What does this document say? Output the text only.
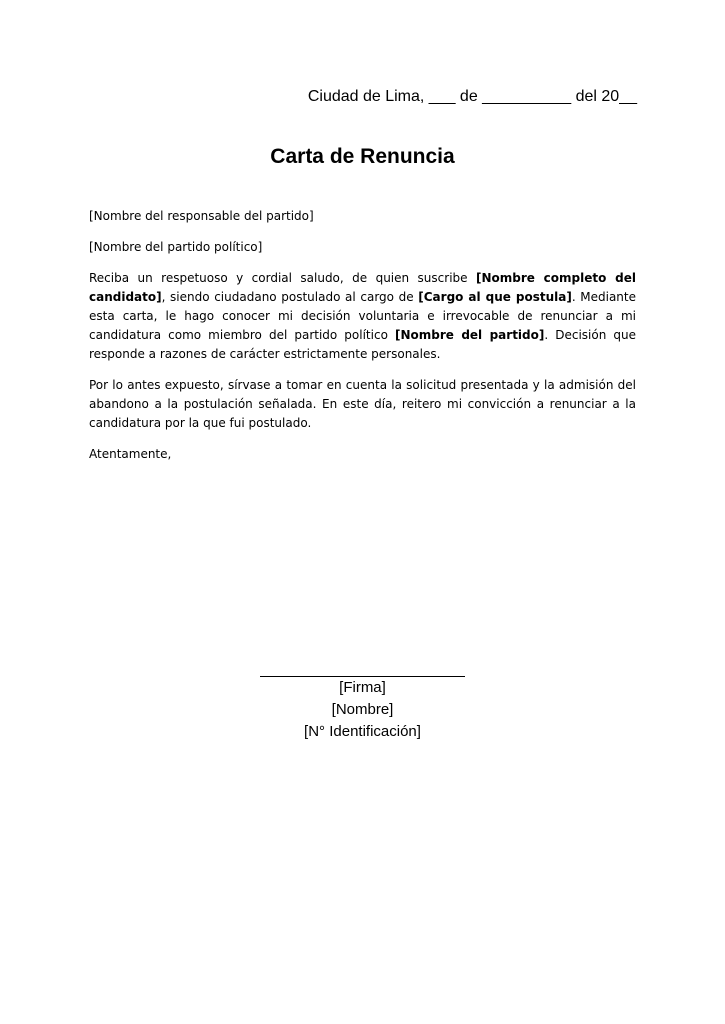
Ciudad de Lima, ___ de __________ del 20__
Carta de Renuncia

[Nombre del responsable del partido]

[Nombre del partido político]

Reciba un respetuoso y cordial saludo, de quien suscribe [Nombre completo del candidato], siendo ciudadano postulado al cargo de [Cargo al que postula]. Mediante esta carta, le hago conocer mi decisión voluntaria e irrevocable de renunciar a mi candidatura como miembro del partido político [Nombre del partido]. Decisión que responde a razones de carácter estrictamente personales.

Por lo antes expuesto, sírvase a tomar en cuenta la solicitud presentada y la admisión del abandono a la postulación señalada. En este día, reitero mi convicción a renunciar a la candidatura por la que fui postulado.

Atentamente,

[Firma]
[Nombre]
[N° Identificación]
